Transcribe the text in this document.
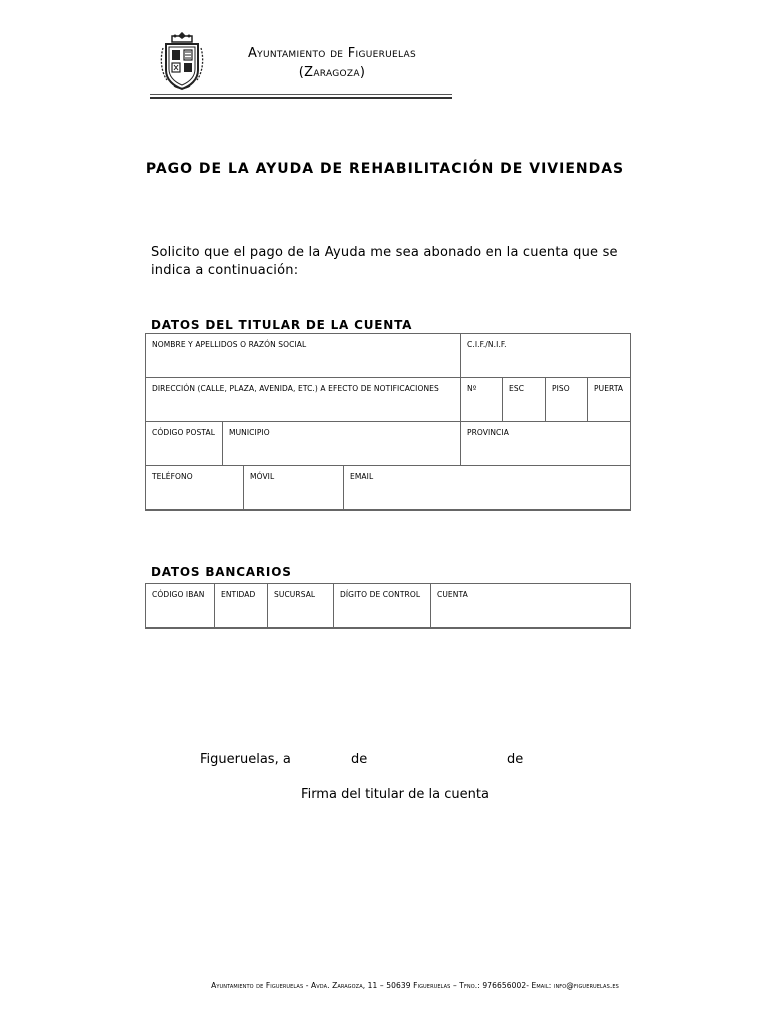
Ayuntamiento de Figueruelas
(Zaragoza)
PAGO DE LA AYUDA DE REHABILITACIÓN DE VIVIENDAS
Solicito que el pago de la Ayuda me sea abonado en la cuenta que se indica a continuación:
DATOS DEL TITULAR DE LA CUENTA
NOMBRE Y APELLIDOS O RAZÓN SOCIAL	C.I.F./N.I.F.
DIRECCIÓN (CALLE, PLAZA, AVENIDA, ETC.) A EFECTO DE NOTIFICACIONES	Nº	ESC	PISO	PUERTA
CÓDIGO POSTAL	MUNICIPIO	PROVINCIA
TELÉFONO	MÓVIL	EMAIL
DATOS BANCARIOS
CÓDIGO IBAN	ENTIDAD	SUCURSAL	DÍGITO DE CONTROL	CUENTA
Figueruelas, a	de	de
Firma del titular de la cuenta
Ayuntamiento de Figueruelas - Avda. Zaragoza, 11 – 50639 Figueruelas – Tfno.: 976656002- Email: info@figueruelas.es
